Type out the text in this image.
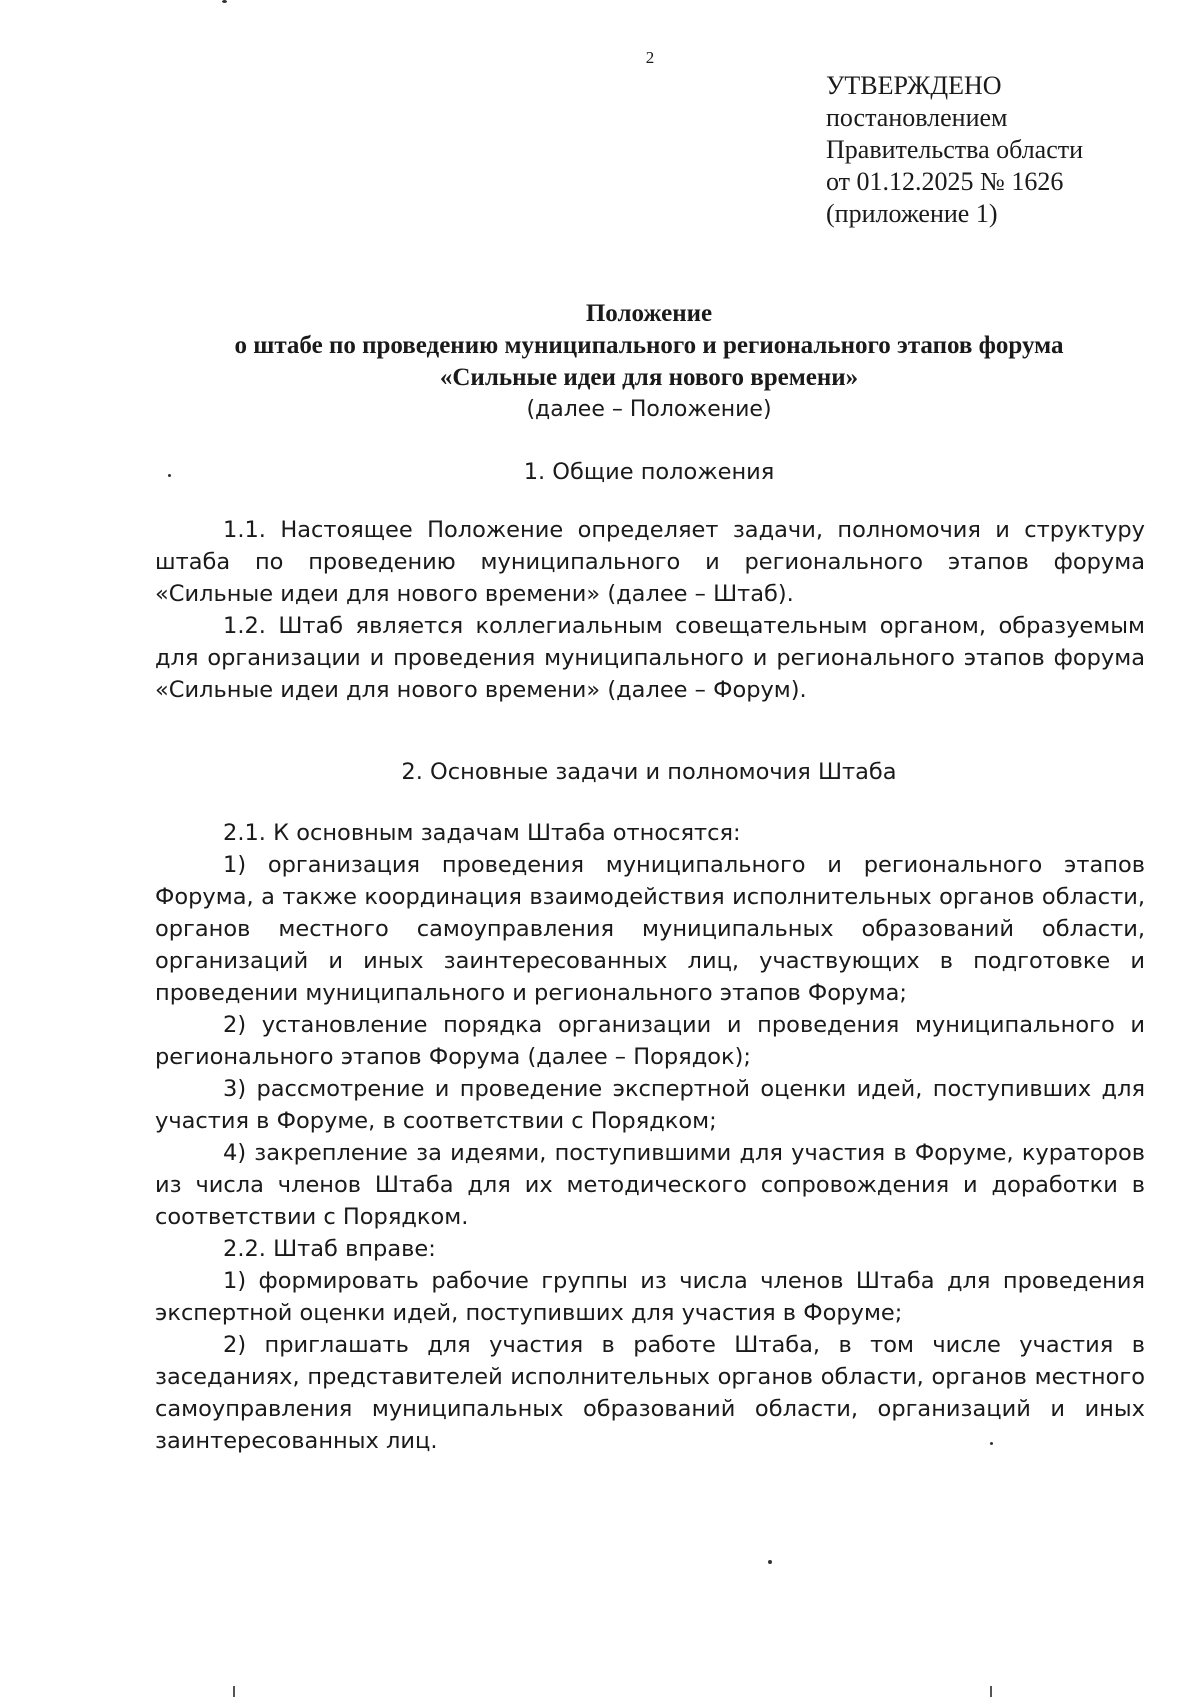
2
УТВЕРЖДЕНО
постановлением
Правительства области
от 01.12.2025 № 1626
(приложение 1)
Положение
о штабе по проведению муниципального и регионального этапов форума
«Сильные идеи для нового времени»
(далее – Положение)
1. Общие положения

1.1. Настоящее Положение определяет задачи, полномочия и структуру штаба по проведению муниципального и регионального этапов форума «Сильные идеи для нового времени» (далее – Штаб).

1.2. Штаб является коллегиальным совещательным органом, образуемым для организации и проведения муниципального и регионального этапов форума «Сильные идеи для нового времени» (далее – Форум).

2. Основные задачи и полномочия Штаба

2.1. К основным задачам Штаба относятся:

1) организация проведения муниципального и регионального этапов Форума, а также координация взаимодействия исполнительных органов области, органов местного самоуправления муниципальных образований области, организаций и иных заинтересованных лиц, участвующих в подготовке и проведении муниципального и регионального этапов Форума;

2) установление порядка организации и проведения муниципального и регионального этапов Форума (далее – Порядок);

3) рассмотрение и проведение экспертной оценки идей, поступивших для участия в Форуме, в соответствии с Порядком;

4) закрепление за идеями, поступившими для участия в Форуме, кураторов из числа членов Штаба для их методического сопровождения и доработки в соответствии с Порядком.

2.2. Штаб вправе:

1) формировать рабочие группы из числа членов Штаба для проведения экспертной оценки идей, поступивших для участия в Форуме;

2) приглашать для участия в работе Штаба, в том числе участия в заседаниях, представителей исполнительных органов области, органов местного самоуправления муниципальных образований области, организаций и иных заинтересованных лиц.
